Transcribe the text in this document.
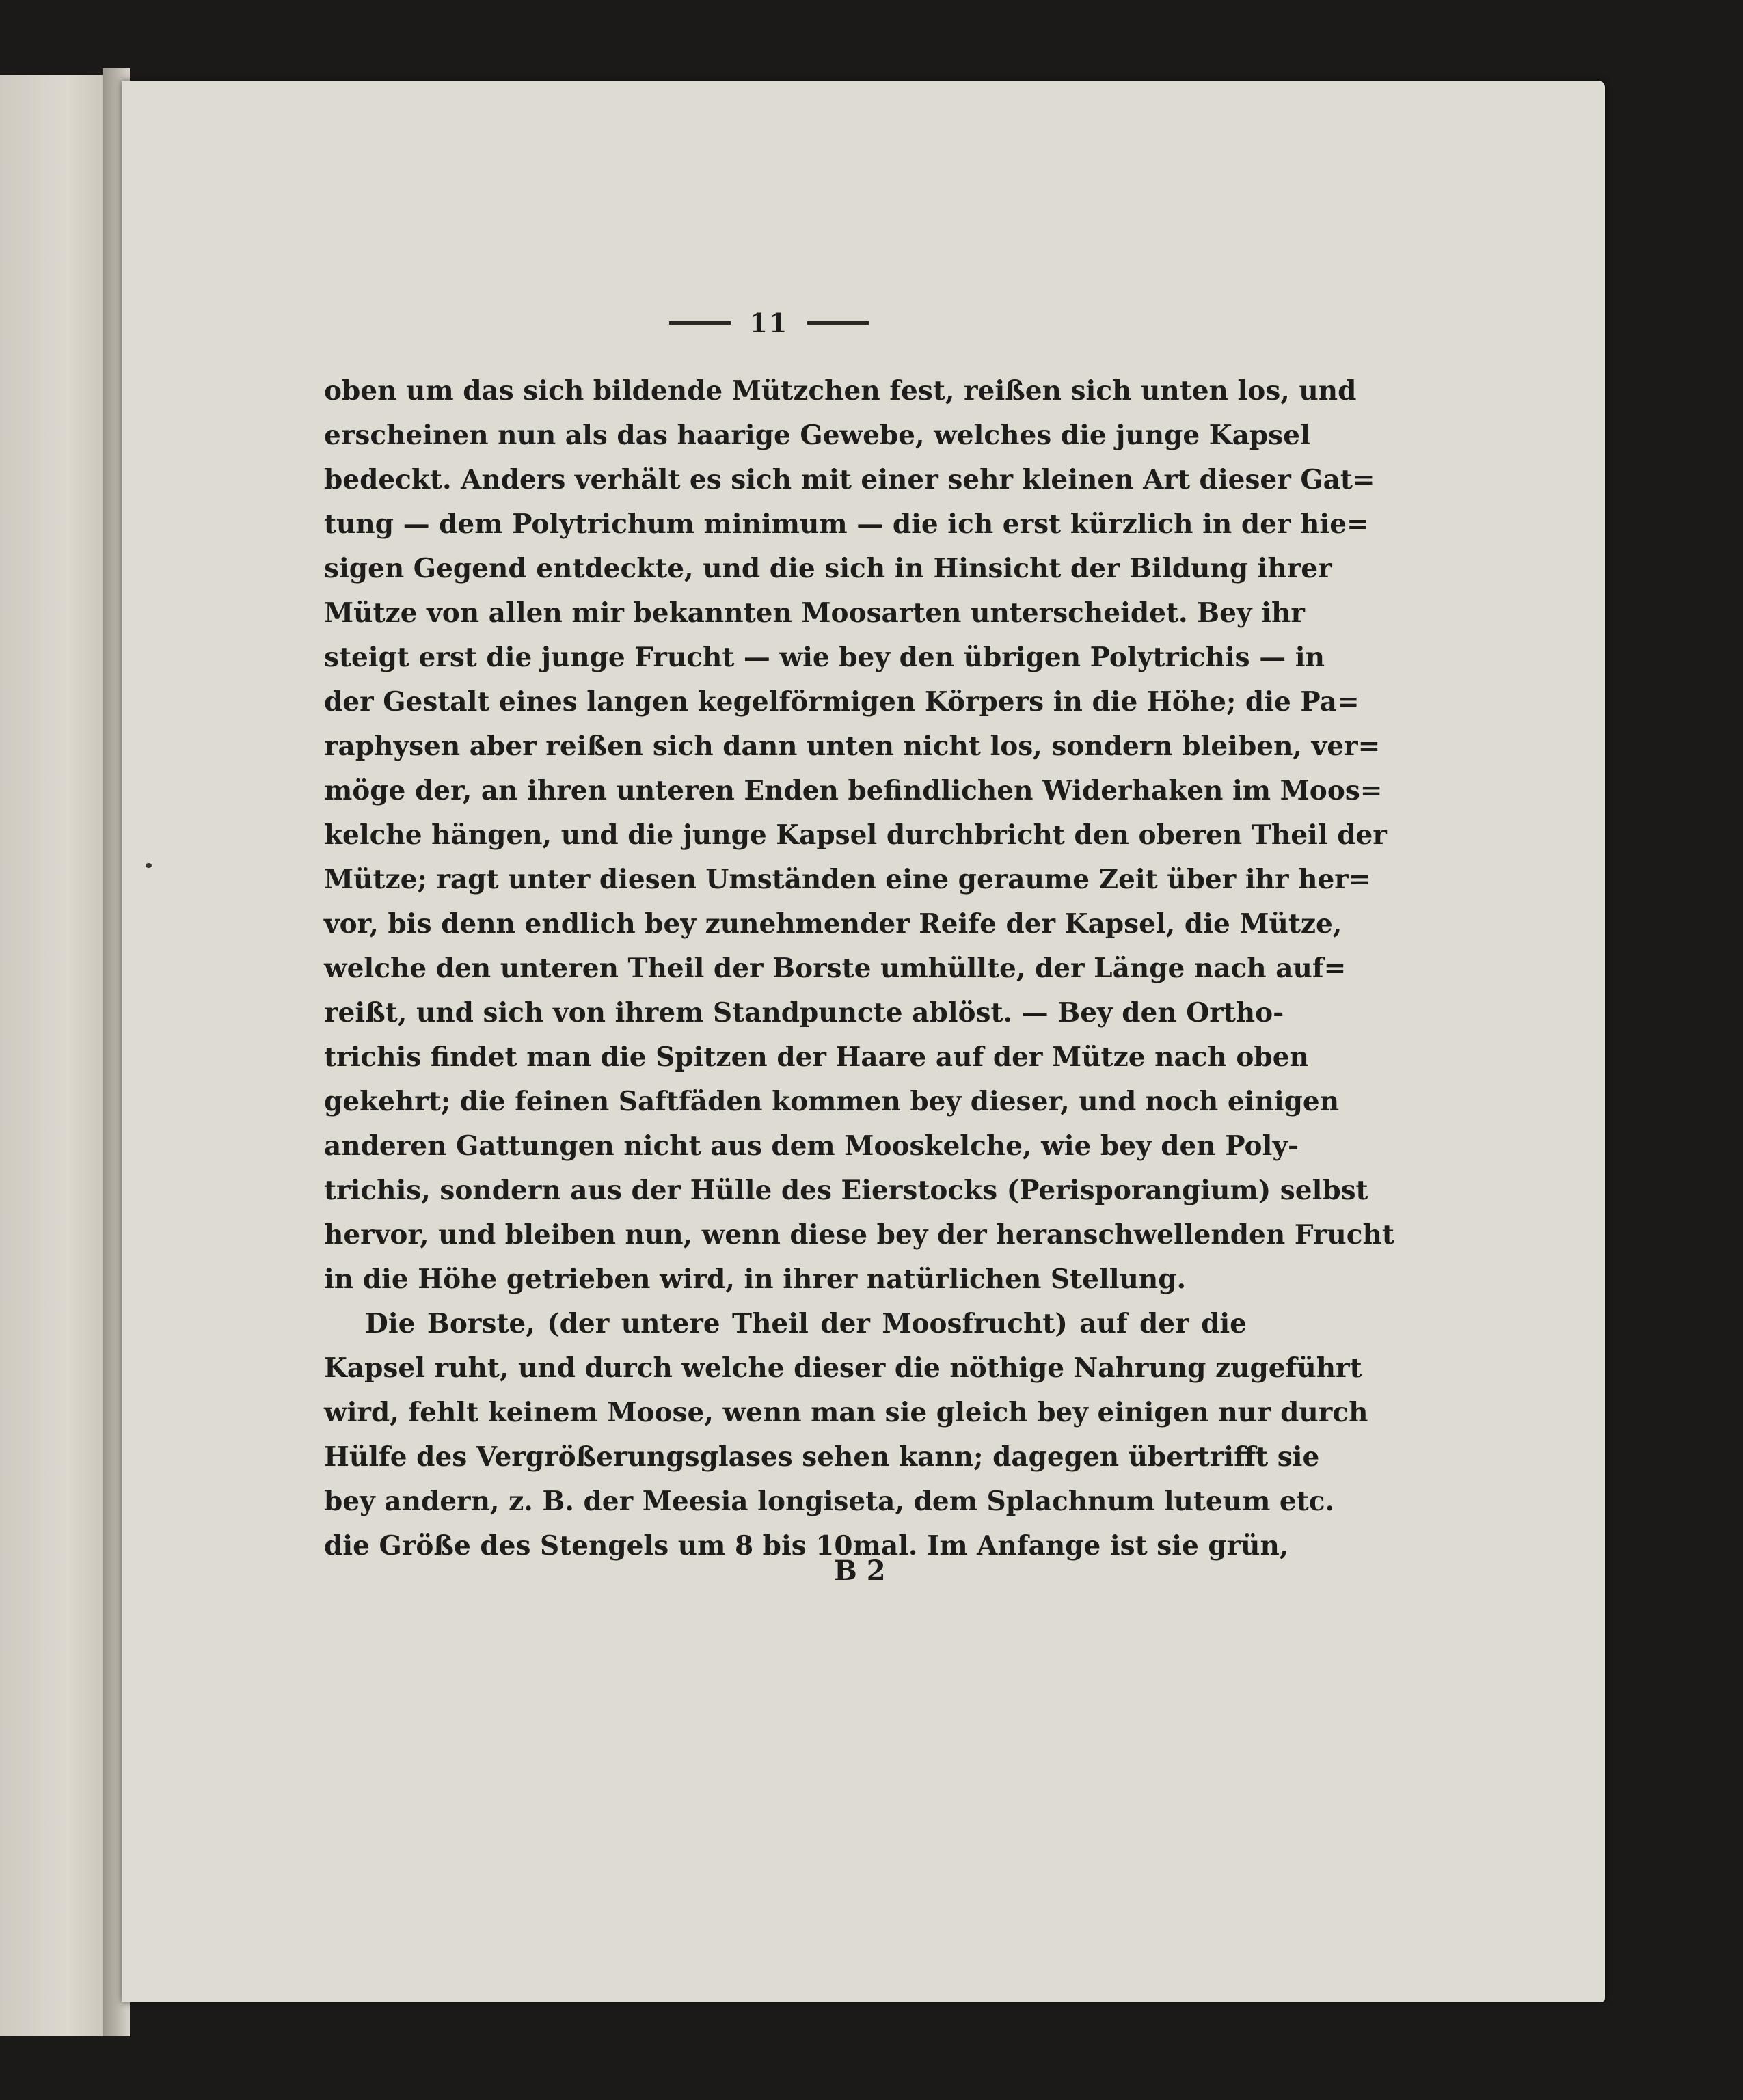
11
oben um das sich bildende Mützchen fest, reißen sich unten los, und
erscheinen nun als das haarige Gewebe, welches die junge Kapsel
bedeckt. Anders verhält es sich mit einer sehr kleinen Art dieser Gat=
tung — dem Polytrichum minimum — die ich erst kürzlich in der hie=
sigen Gegend entdeckte, und die sich in Hinsicht der Bildung ihrer
Mütze von allen mir bekannten Moosarten unterscheidet. Bey ihr
steigt erst die junge Frucht — wie bey den übrigen Polytrichis — in
der Gestalt eines langen kegelförmigen Körpers in die Höhe; die Pa=
raphysen aber reißen sich dann unten nicht los, sondern bleiben, ver=
möge der, an ihren unteren Enden befindlichen Widerhaken im Moos=
kelche hängen, und die junge Kapsel durchbricht den oberen Theil der
Mütze; ragt unter diesen Umständen eine geraume Zeit über ihr her=
vor, bis denn endlich bey zunehmender Reife der Kapsel, die Mütze,
welche den unteren Theil der Borste umhüllte, der Länge nach auf=
reißt, und sich von ihrem Standpuncte ablöst. — Bey den Ortho-
trichis findet man die Spitzen der Haare auf der Mütze nach oben
gekehrt; die feinen Saftfäden kommen bey dieser, und noch einigen
anderen Gattungen nicht aus dem Mooskelche, wie bey den Poly-
trichis, sondern aus der Hülle des Eierstocks (Perisporangium) selbst
hervor, und bleiben nun, wenn diese bey der heranschwellenden Frucht
in die Höhe getrieben wird, in ihrer natürlichen Stellung.
Die Borste, (der untere Theil der Moosfrucht) auf der die
Kapsel ruht, und durch welche dieser die nöthige Nahrung zugeführt
wird, fehlt keinem Moose, wenn man sie gleich bey einigen nur durch
Hülfe des Vergrößerungsglases sehen kann; dagegen übertrifft sie
bey andern, z. B. der Meesia longiseta, dem Splachnum luteum etc.
die Größe des Stengels um 8 bis 10mal. Im Anfange ist sie grün,
B 2
